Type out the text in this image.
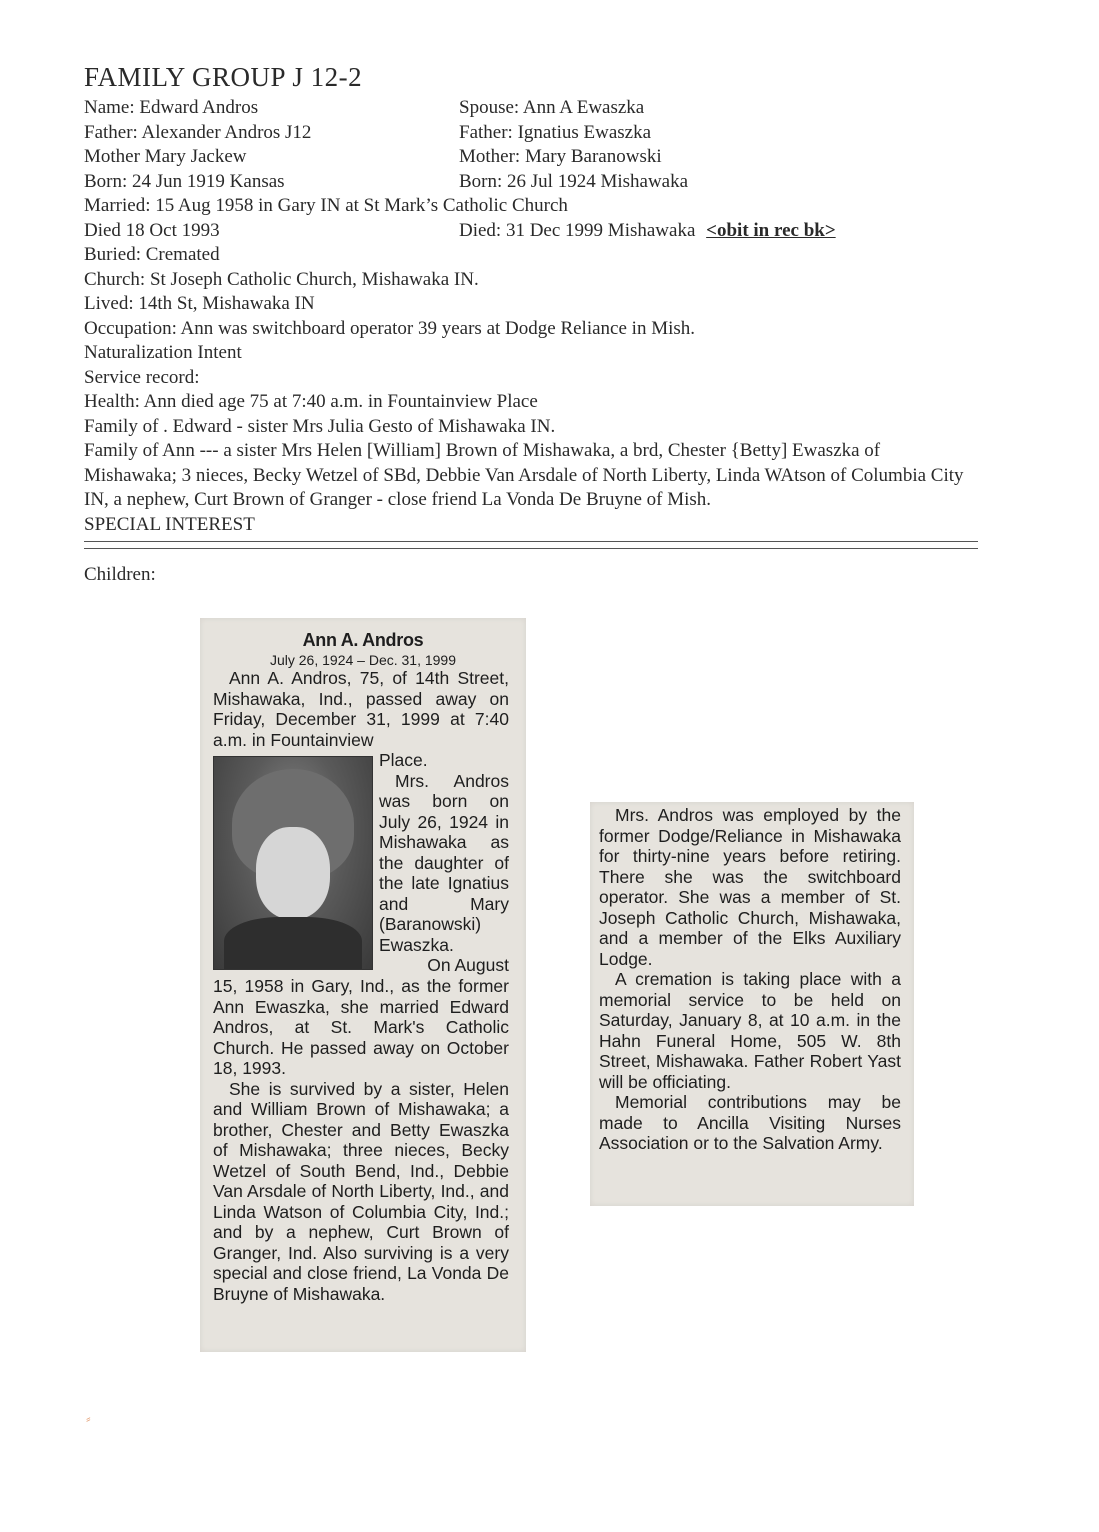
FAMILY GROUP J 12-2
Name: Edward Andros	Spouse: Ann A Ewaszka
Father: Alexander Andros J12	Father: Ignatius Ewaszka
Mother Mary Jackew	Mother: Mary Baranowski
Born: 24 Jun 1919 Kansas	Born: 26 Jul 1924 Mishawaka
Married: 15 Aug 1958 in Gary IN at St Mark’s Catholic Church
Died 18 Oct 1993	Died: 31 Dec 1999 Mishawaka <obit in rec bk>
Buried: Cremated
Church: St Joseph Catholic Church, Mishawaka IN.
Lived: 14th St, Mishawaka IN
Occupation: Ann was switchboard operator 39 years at Dodge Reliance in Mish.
Naturalization Intent
Service record:
Health: Ann died age 75 at 7:40 a.m. in Fountainview Place
Family of . Edward - sister Mrs Julia Gesto of Mishawaka IN.
Family of Ann --- a sister Mrs Helen [William] Brown of Mishawaka, a brd, Chester {Betty] Ewaszka of Mishawaka; 3 nieces, Becky Wetzel of SBd, Debbie Van Arsdale of North Liberty, Linda WAtson of Columbia City IN, a nephew, Curt Brown of Granger - close friend La Vonda De Bruyne of Mish.
SPECIAL INTEREST
Children:
Ann A. Andros
July 26, 1924 – Dec. 31, 1999
Ann A. Andros, 75, of 14th Street, Mishawaka, Ind., passed away on Friday, December 31, 1999 at 7:40 a.m. in Fountainview
Place.
Mrs. Andros was born on July 26, 1924 in Mishawaka as the daughter of the late Ignatius and Mary (Baranowski) Ewaszka.
On August
15, 1958 in Gary, Ind., as the former Ann Ewaszka, she married Edward Andros, at St. Mark's Catholic Church. He passed away on October 18, 1993.
She is survived by a sister, Helen and William Brown of Mishawaka; a brother, Chester and Betty Ewaszka of Mishawaka; three nieces, Becky Wetzel of South Bend, Ind., Debbie Van Arsdale of North Liberty, Ind., and Linda Watson of Columbia City, Ind.; and by a nephew, Curt Brown of Granger, Ind. Also surviving is a very special and close friend, La Vonda De Bruyne of Mishawaka.
Mrs. Andros was employed by the former Dodge/Reliance in Mishawaka for thirty-nine years before retiring. There she was the switchboard operator. She was a member of St. Joseph Catholic Church, Mishawaka, and a member of the Elks Auxiliary Lodge.
A cremation is taking place with a memorial service to be held on Saturday, January 8, at 10 a.m. in the Hahn Funeral Home, 505 W. 8th Street, Mishawaka. Father Robert Yast will be officiating.
Memorial contributions may be made to Ancilla Visiting Nurses Association or to the Salvation Army.
⸗
